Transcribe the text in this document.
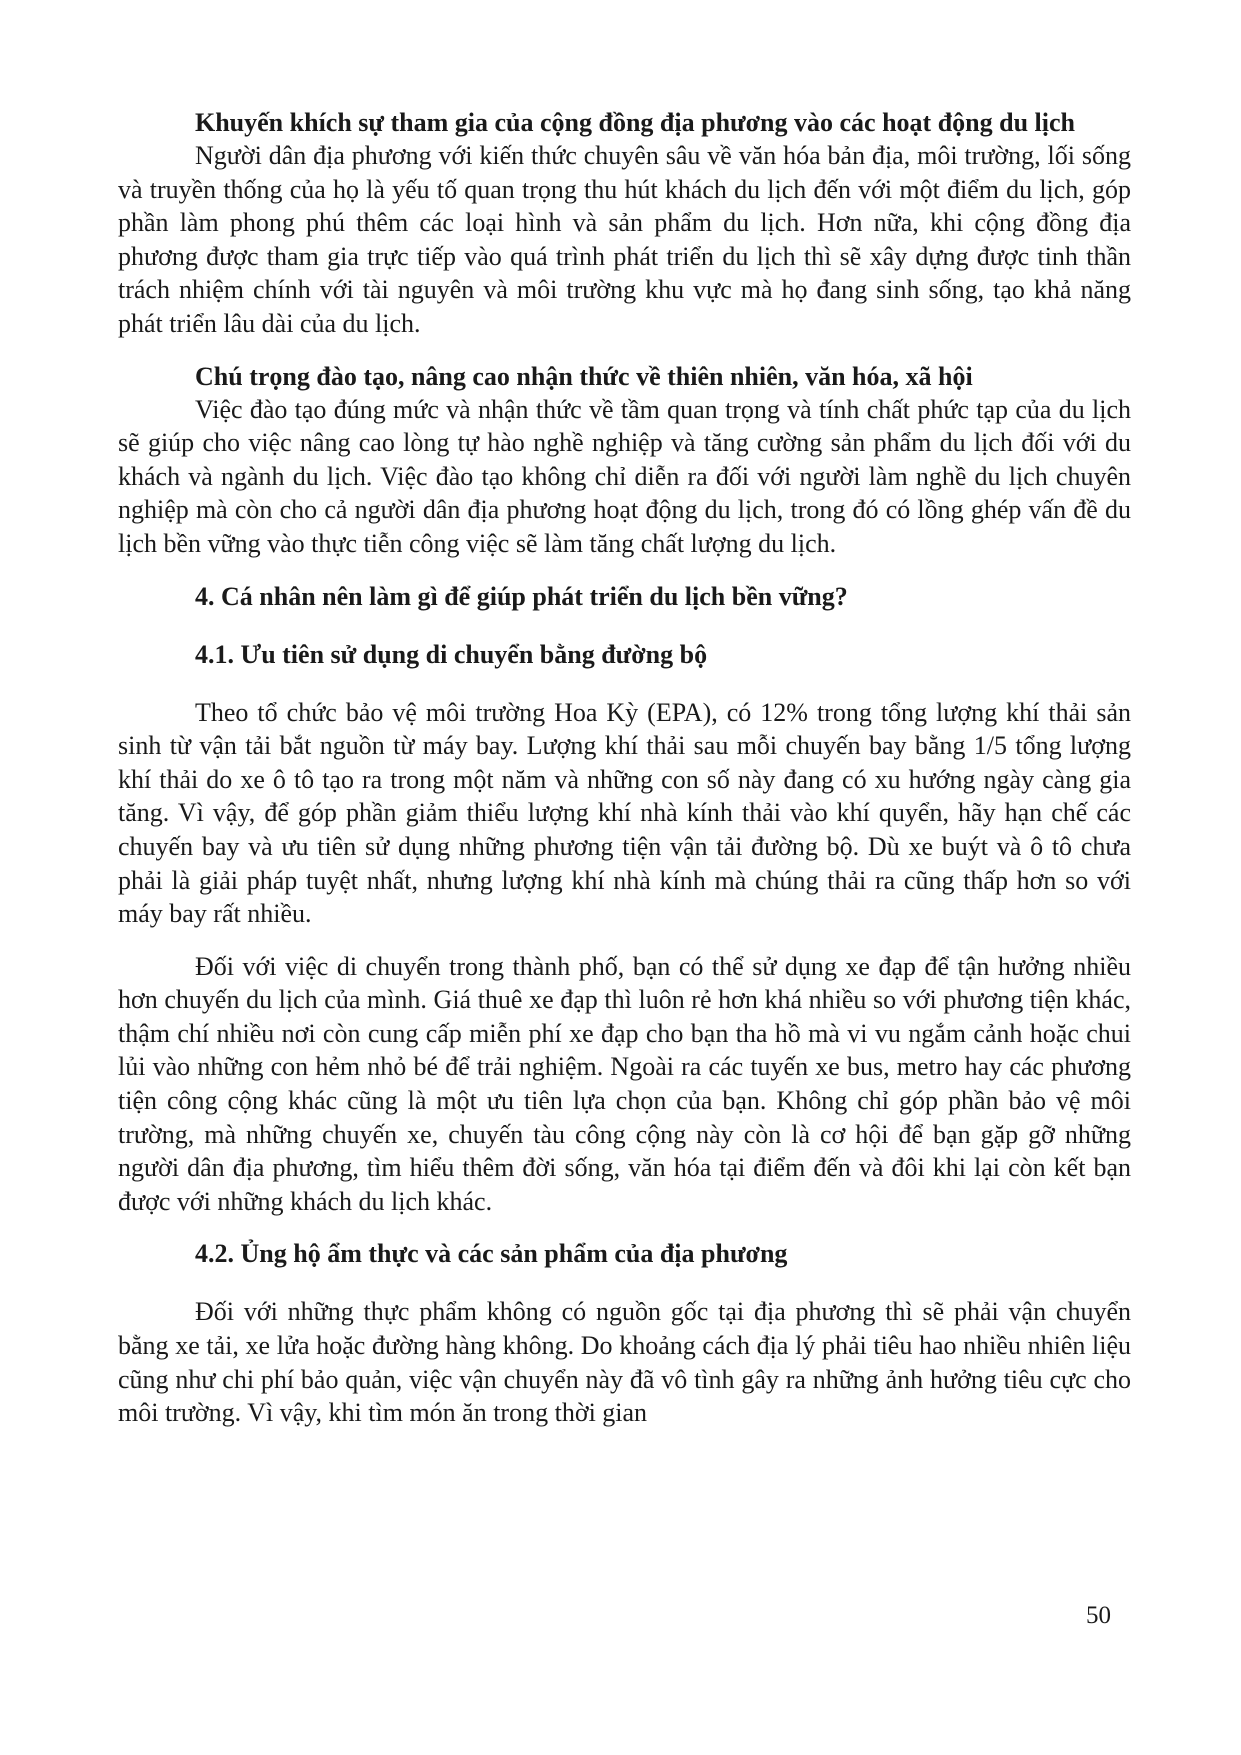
Khuyến khích sự tham gia của cộng đồng địa phương vào các hoạt động du lịch

Người dân địa phương với kiến thức chuyên sâu về văn hóa bản địa, môi trường, lối sống và truyền thống của họ là yếu tố quan trọng thu hút khách du lịch đến với một điểm du lịch, góp phần làm phong phú thêm các loại hình và sản phẩm du lịch. Hơn nữa, khi cộng đồng địa phương được tham gia trực tiếp vào quá trình phát triển du lịch thì sẽ xây dựng được tinh thần trách nhiệm chính với tài nguyên và môi trường khu vực mà họ đang sinh sống, tạo khả năng phát triển lâu dài của du lịch.

Chú trọng đào tạo, nâng cao nhận thức về thiên nhiên, văn hóa, xã hội

Việc đào tạo đúng mức và nhận thức về tầm quan trọng và tính chất phức tạp của du lịch sẽ giúp cho việc nâng cao lòng tự hào nghề nghiệp và tăng cường sản phẩm du lịch đối với du khách và ngành du lịch. Việc đào tạo không chỉ diễn ra đối với người làm nghề du lịch chuyên nghiệp mà còn cho cả người dân địa phương hoạt động du lịch, trong đó có lồng ghép vấn đề du lịch bền vững vào thực tiễn công việc sẽ làm tăng chất lượng du lịch.

4. Cá nhân nên làm gì để giúp phát triển du lịch bền vững?

4.1. Ưu tiên sử dụng di chuyển bằng đường bộ

Theo tổ chức bảo vệ môi trường Hoa Kỳ (EPA), có 12% trong tổng lượng khí thải sản sinh từ vận tải bắt nguồn từ máy bay. Lượng khí thải sau mỗi chuyến bay bằng 1/5 tổng lượng khí thải do xe ô tô tạo ra trong một năm và những con số này đang có xu hướng ngày càng gia tăng. Vì vậy, để góp phần giảm thiểu lượng khí nhà kính thải vào khí quyển, hãy hạn chế các chuyến bay và ưu tiên sử dụng những phương tiện vận tải đường bộ. Dù xe buýt và ô tô chưa phải là giải pháp tuyệt nhất, nhưng lượng khí nhà kính mà chúng thải ra cũng thấp hơn so với máy bay rất nhiều.

Đối với việc di chuyển trong thành phố, bạn có thể sử dụng xe đạp để tận hưởng nhiều hơn chuyến du lịch của mình. Giá thuê xe đạp thì luôn rẻ hơn khá nhiều so với phương tiện khác, thậm chí nhiều nơi còn cung cấp miễn phí xe đạp cho bạn tha hồ mà vi vu ngắm cảnh hoặc chui lủi vào những con hẻm nhỏ bé để trải nghiệm. Ngoài ra các tuyến xe bus, metro hay các phương tiện công cộng khác cũng là một ưu tiên lựa chọn của bạn. Không chỉ góp phần bảo vệ môi trường, mà những chuyến xe, chuyến tàu công cộng này còn là cơ hội để bạn gặp gỡ những người dân địa phương, tìm hiểu thêm đời sống, văn hóa tại điểm đến và đôi khi lại còn kết bạn được với những khách du lịch khác.

4.2. Ủng hộ ẩm thực và các sản phẩm của địa phương

Đối với những thực phẩm không có nguồn gốc tại địa phương thì sẽ phải vận chuyển bằng xe tải, xe lửa hoặc đường hàng không. Do khoảng cách địa lý phải tiêu hao nhiều nhiên liệu cũng như chi phí bảo quản, việc vận chuyển này đã vô tình gây ra những ảnh hưởng tiêu cực cho môi trường. Vì vậy, khi tìm món ăn trong thời gian

50
